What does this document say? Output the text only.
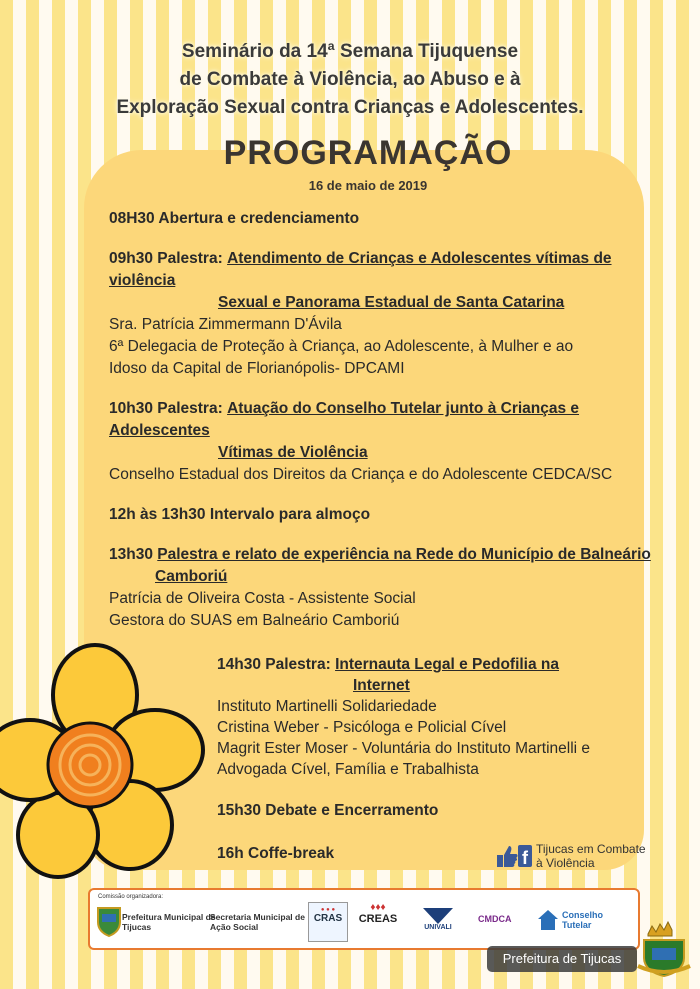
Seminário da 14ª Semana Tijuquense
de Combate à Violência, ao Abuso e à
Exploração Sexual contra Crianças e Adolescentes.
PROGRAMAÇÃO
16 de maio de 2019
08H30 Abertura e credenciamento
09h30 Palestra: Atendimento de Crianças e Adolescentes vítimas de violência
Sexual e Panorama Estadual de Santa Catarina
Sra. Patrícia Zimmermann D'Ávila
6ª Delegacia de Proteção à Criança, ao Adolescente, à Mulher e ao
Idoso da Capital de Florianópolis- DPCAMI
10h30 Palestra: Atuação do Conselho Tutelar junto à Crianças e Adolescentes
Vítimas de Violência
Conselho Estadual dos Direitos da Criança e do Adolescente CEDCA/SC
12h às 13h30 Intervalo para almoço
13h30 Palestra e relato de experiência na Rede do Município de Balneário
Camboriú
Patrícia de Oliveira Costa - Assistente Social
Gestora do SUAS em Balneário Camboriú
14h30 Palestra: Internauta Legal e Pedofilia na
Internet
Instituto Martinelli Solidariedade
Cristina Weber - Psicóloga e Policial Cível
Magrit Ester Moser - Voluntária do Instituto Martinelli e
Advogada Cível, Família e Trabalhista
15h30 Debate e Encerramento
16h Coffe-break	f Tijucas em Combate
à Violência
Comissão organizadora:
Prefeitura Municipal de
Tijucas
Secretaria Municipal de
Ação Social
● ● ●
CRAS
♦♦♦
CREAS
UNIVALI
CMDCA	Conselho
Tutelar
Prefeitura de Tijucas
